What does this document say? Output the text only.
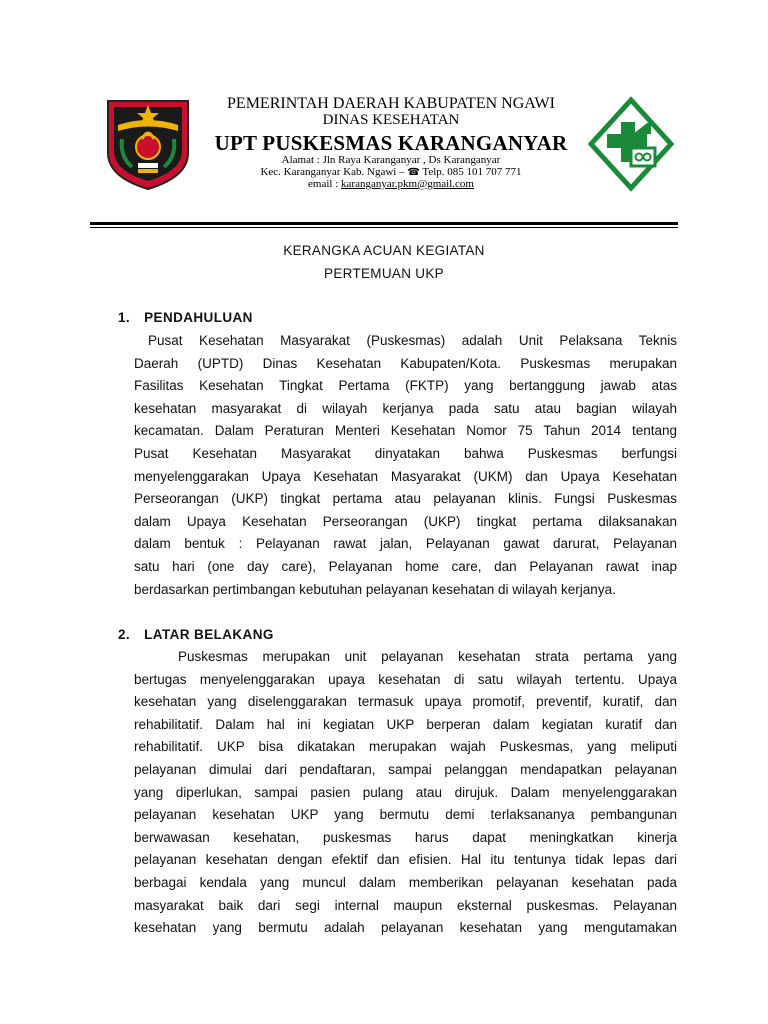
PEMERINTAH DAERAH KABUPATEN NGAWI
DINAS KESEHATAN
UPT PUSKESMAS KARANGANYAR
Alamat : Jln Raya Karanganyar , Ds Karanganyar
Kec. Karanganyar Kab. Ngawi – ☎ Telp. 085 101 707 771
email : karanganyar.pkm@gmail.com
KERANGKA ACUAN KEGIATAN
PERTEMUAN UKP
1. PENDAHULUAN
Pusat Kesehatan Masyarakat (Puskesmas) adalah Unit Pelaksana Teknis
Daerah (UPTD) Dinas Kesehatan Kabupaten/Kota. Puskesmas merupakan
Fasilitas Kesehatan Tingkat Pertama (FKTP) yang bertanggung jawab atas
kesehatan masyarakat di wilayah kerjanya pada satu atau bagian wilayah
kecamatan. Dalam Peraturan Menteri Kesehatan Nomor 75 Tahun 2014 tentang
Pusat Kesehatan Masyarakat dinyatakan bahwa Puskesmas berfungsi
menyelenggarakan Upaya Kesehatan Masyarakat (UKM) dan Upaya Kesehatan
Perseorangan (UKP) tingkat pertama atau pelayanan klinis. Fungsi Puskesmas
dalam Upaya Kesehatan Perseorangan (UKP) tingkat pertama dilaksanakan
dalam bentuk : Pelayanan rawat jalan, Pelayanan gawat darurat, Pelayanan
satu hari (one day care), Pelayanan home care, dan Pelayanan rawat inap
berdasarkan pertimbangan kebutuhan pelayanan kesehatan di wilayah kerjanya.
2. LATAR BELAKANG
Puskesmas merupakan unit pelayanan kesehatan strata pertama yang
bertugas menyelenggarakan upaya kesehatan di satu wilayah tertentu. Upaya
kesehatan yang diselenggarakan termasuk upaya promotif, preventif, kuratif, dan
rehabilitatif. Dalam hal ini kegiatan UKP berperan dalam kegiatan kuratif dan
rehabilitatif. UKP bisa dikatakan merupakan wajah Puskesmas, yang meliputi
pelayanan dimulai dari pendaftaran, sampai pelanggan mendapatkan pelayanan
yang diperlukan, sampai pasien pulang atau dirujuk. Dalam menyelenggarakan
pelayanan kesehatan UKP yang bermutu demi terlaksananya pembangunan
berwawasan kesehatan, puskesmas harus dapat meningkatkan kinerja
pelayanan kesehatan dengan efektif dan efisien. Hal itu tentunya tidak lepas dari
berbagai kendala yang muncul dalam memberikan pelayanan kesehatan pada
masyarakat baik dari segi internal maupun eksternal puskesmas. Pelayanan
kesehatan yang bermutu adalah pelayanan kesehatan yang mengutamakan
